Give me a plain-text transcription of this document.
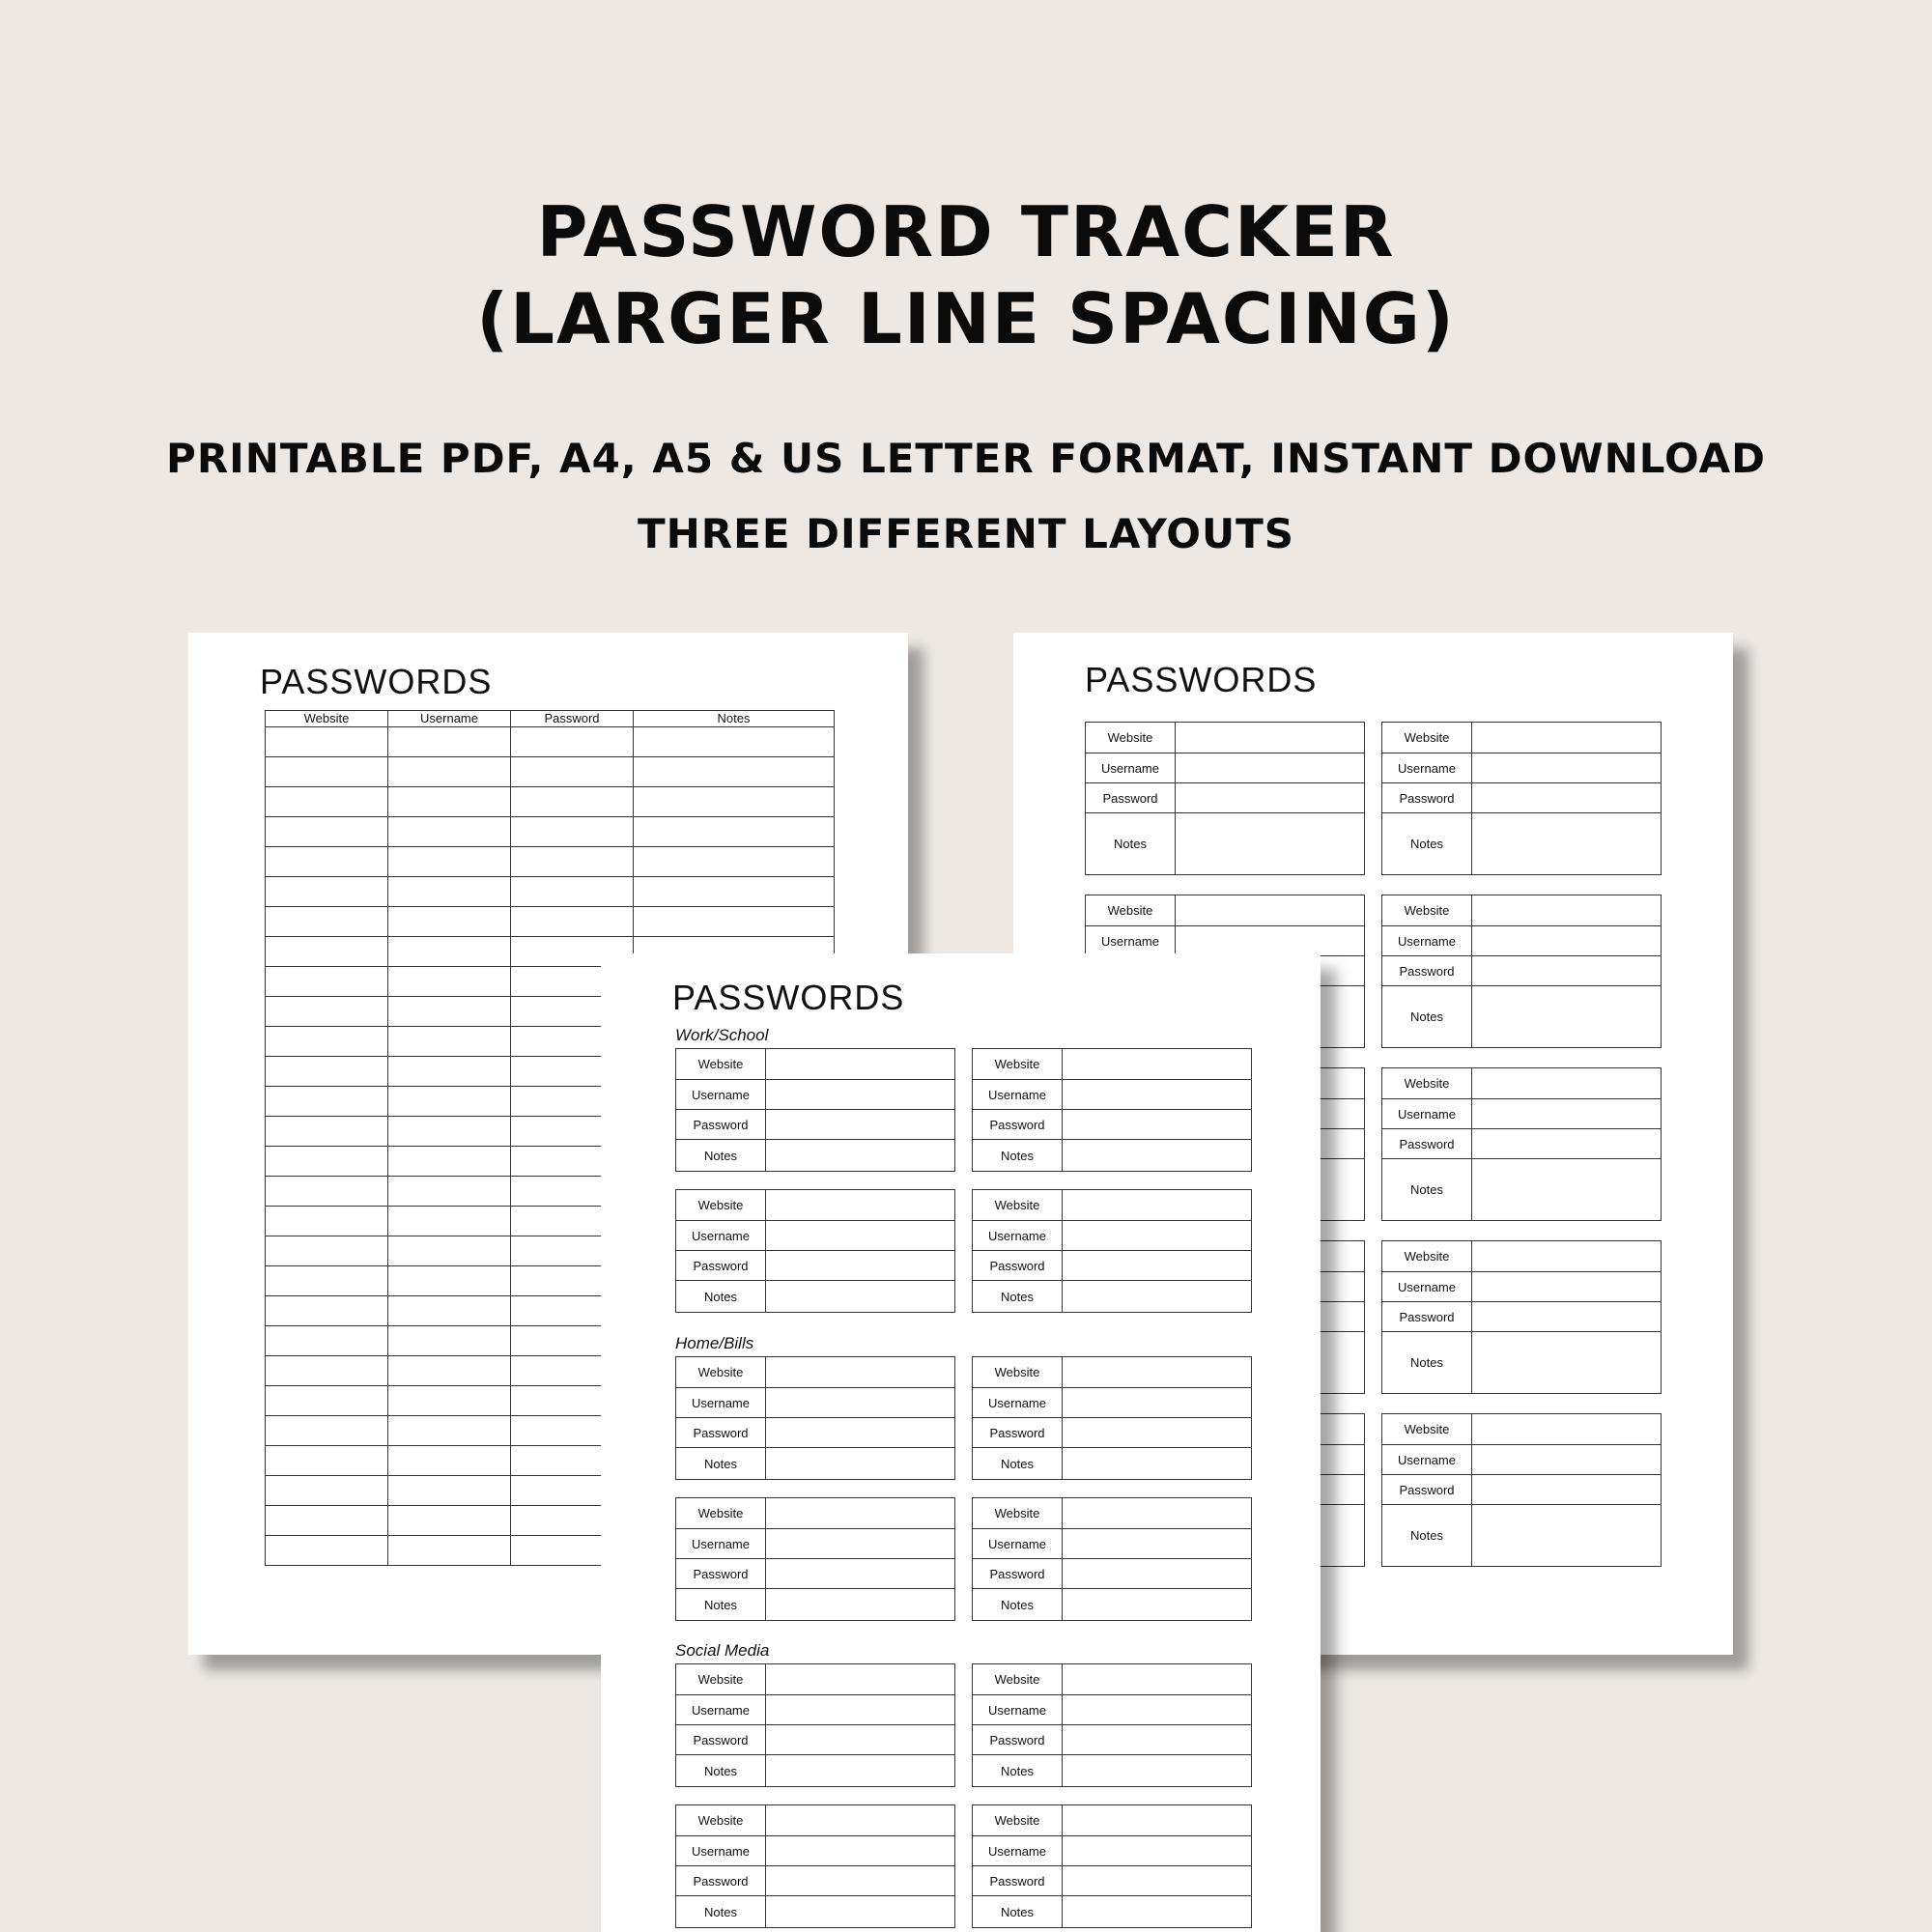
PASSWORD TRACKER
(LARGER LINE SPACING)
PRINTABLE PDF, A4, A5 & US LETTER FORMAT, INSTANT DOWNLOAD
THREE DIFFERENT LAYOUTS

PASSWORDS

Website	Username	Password	Notes

PASSWORDS

Website	
Username	
Password	
Notes	
Website	
Username	
Password	
Notes	
Website	
Username	

Website	
Username	
Password	
Notes	

Website	
Username	
Password	
Notes	

Website	
Username	
Password	
Notes	

Website	
Username	
Password	
Notes	

PASSWORDS

Work/School

Website	
Username	
Password	
Notes	
Website	
Username	
Password	
Notes	
Website	
Username	
Password	
Notes	
Website	
Username	
Password	
Notes	

Home/Bills

Website	
Username	
Password	
Notes	
Website	
Username	
Password	
Notes	
Website	
Username	
Password	
Notes	
Website	
Username	
Password	
Notes	

Social Media

Website	
Username	
Password	
Notes	
Website	
Username	
Password	
Notes	
Website	
Username	
Password	
Notes	
Website	
Username	
Password	
Notes	
